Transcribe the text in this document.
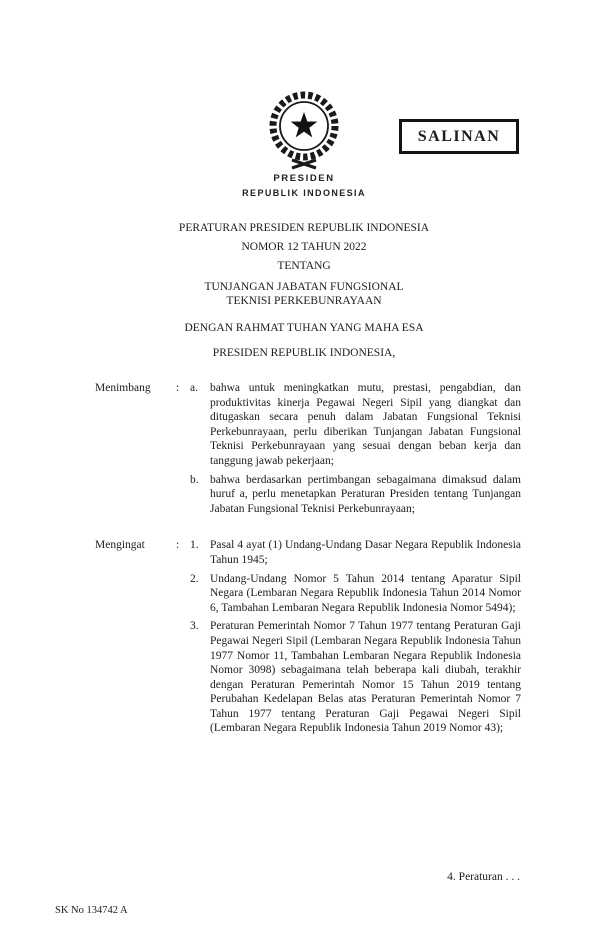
SALINAN
PRESIDEN
REPUBLIK INDONESIA
PERATURAN PRESIDEN REPUBLIK INDONESIA
NOMOR 12 TAHUN 2022
TENTANG
TUNJANGAN JABATAN FUNGSIONAL
TEKNISI PERKEBUNRAYAAN
DENGAN RAHMAT TUHAN YANG MAHA ESA
PRESIDEN REPUBLIK INDONESIA,
Menimbang	: a.	bahwa untuk meningkatkan mutu, prestasi, pengabdian, dan produktivitas kinerja Pegawai Negeri Sipil yang diangkat dan ditugaskan secara penuh dalam Jabatan Fungsional Teknisi Perkebunrayaan, perlu diberikan Tunjangan Jabatan Fungsional Teknisi Perkebunrayaan yang sesuai dengan beban kerja dan tanggung jawab pekerjaan;
b. bahwa berdasarkan pertimbangan sebagaimana dimaksud dalam huruf a, perlu menetapkan Peraturan Presiden tentang Tunjangan Jabatan Fungsional Teknisi Perkebunrayaan;
Mengingat	: 1. Pasal 4 ayat (1) Undang-Undang Dasar Negara Republik Indonesia Tahun 1945;
2. Undang-Undang Nomor 5 Tahun 2014 tentang Aparatur Sipil Negara (Lembaran Negara Republik Indonesia Tahun 2014 Nomor 6, Tambahan Lembaran Negara Republik Indonesia Nomor 5494);
3. Peraturan Pemerintah Nomor 7 Tahun 1977 tentang Peraturan Gaji Pegawai Negeri Sipil (Lembaran Negara Republik Indonesia Tahun 1977 Nomor 11, Tambahan Lembaran Negara Republik Indonesia Nomor 3098) sebagaimana telah beberapa kali diubah, terakhir dengan Peraturan Pemerintah Nomor 15 Tahun 2019 tentang Perubahan Kedelapan Belas atas Peraturan Pemerintah Nomor 7 Tahun 1977 tentang Peraturan Gaji Pegawai Negeri Sipil (Lembaran Negara Republik Indonesia Tahun 2019 Nomor 43);
4. Peraturan . . .
SK No 134742 A
